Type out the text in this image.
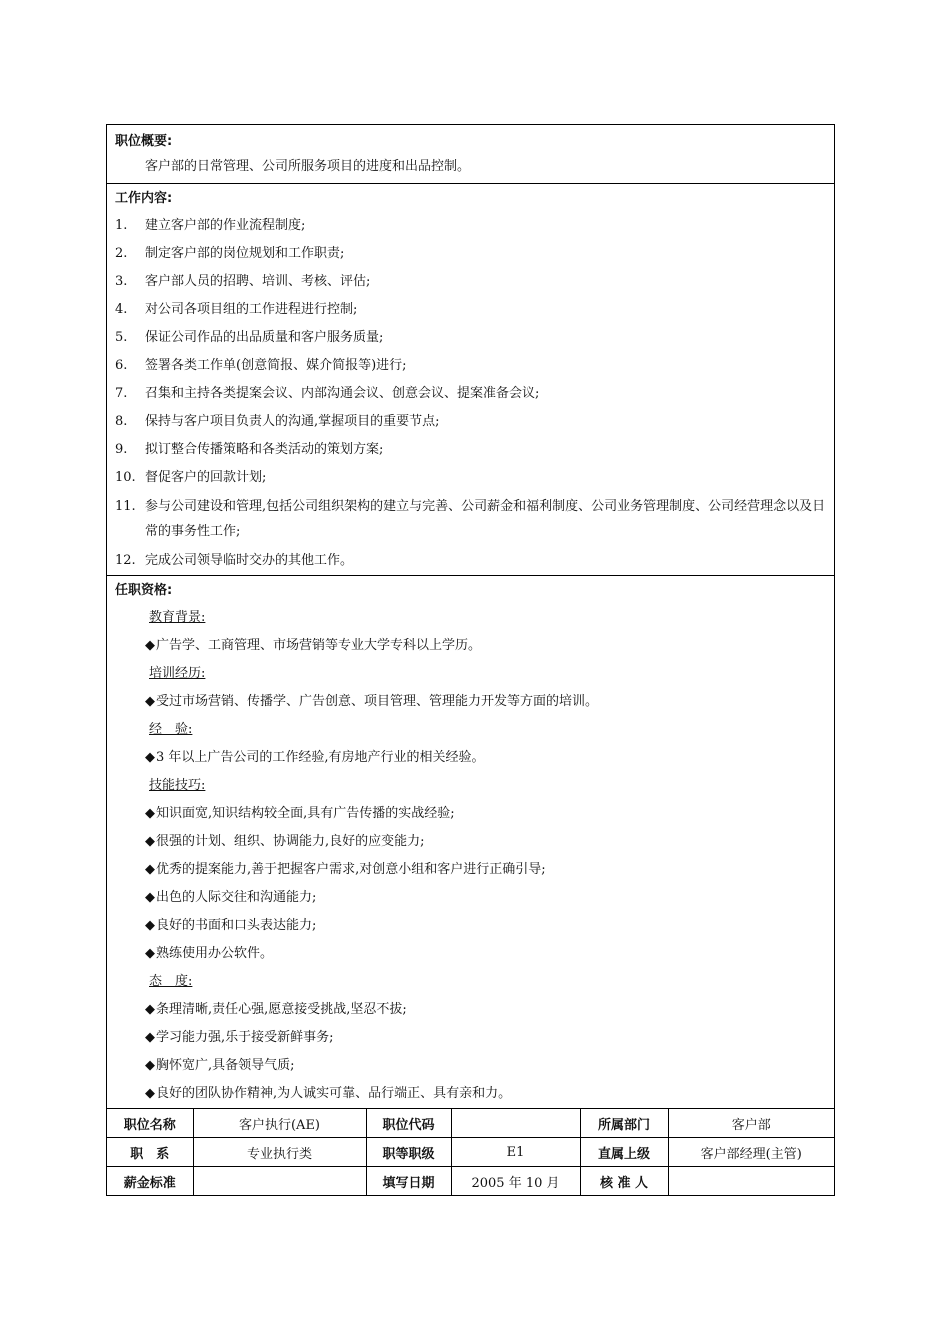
职位概要:
客户部的日常管理、公司所服务项目的进度和出品控制。
工作内容:
1.	建立客户部的作业流程制度;
2.	制定客户部的岗位规划和工作职责;
3.	客户部人员的招聘、培训、考核、评估;
4.	对公司各项目组的工作进程进行控制;
5.	保证公司作品的出品质量和客户服务质量;
6.	签署各类工作单(创意简报、媒介简报等)进行;
7.	召集和主持各类提案会议、内部沟通会议、创意会议、提案准备会议;
8.	保持与客户项目负责人的沟通,掌握项目的重要节点;
9.	拟订整合传播策略和各类活动的策划方案;
10. 督促客户的回款计划;
11. 参与公司建设和管理,包括公司组织架构的建立与完善、公司薪金和福利制度、公司业务管理制度、公司经营理念以及日常的事务性工作;
12. 完成公司领导临时交办的其他工作。
任职资格:
教育背景:
◆广告学、工商管理、市场营销等专业大学专科以上学历。
培训经历:
◆受过市场营销、传播学、广告创意、项目管理、管理能力开发等方面的培训。
经　验:
◆3 年以上广告公司的工作经验,有房地产行业的相关经验。
技能技巧:
◆知识面宽,知识结构较全面,具有广告传播的实战经验;
◆很强的计划、组织、协调能力,良好的应变能力;
◆优秀的提案能力,善于把握客户需求,对创意小组和客户进行正确引导;
◆出色的人际交往和沟通能力;
◆良好的书面和口头表达能力;
◆熟练使用办公软件。
态　度:
◆条理清晰,责任心强,愿意接受挑战,坚忍不拔;
◆学习能力强,乐于接受新鲜事务;
◆胸怀宽广,具备领导气质;
◆良好的团队协作精神,为人诚实可靠、品行端正、具有亲和力。
职位名称	客户执行(AE)	职位代码		所属部门	客户部
职　系	专业执行类	职等职级	E1	直属上级	客户部经理(主管)
薪金标准		填写日期	2005 年 10 月	核 准 人	
